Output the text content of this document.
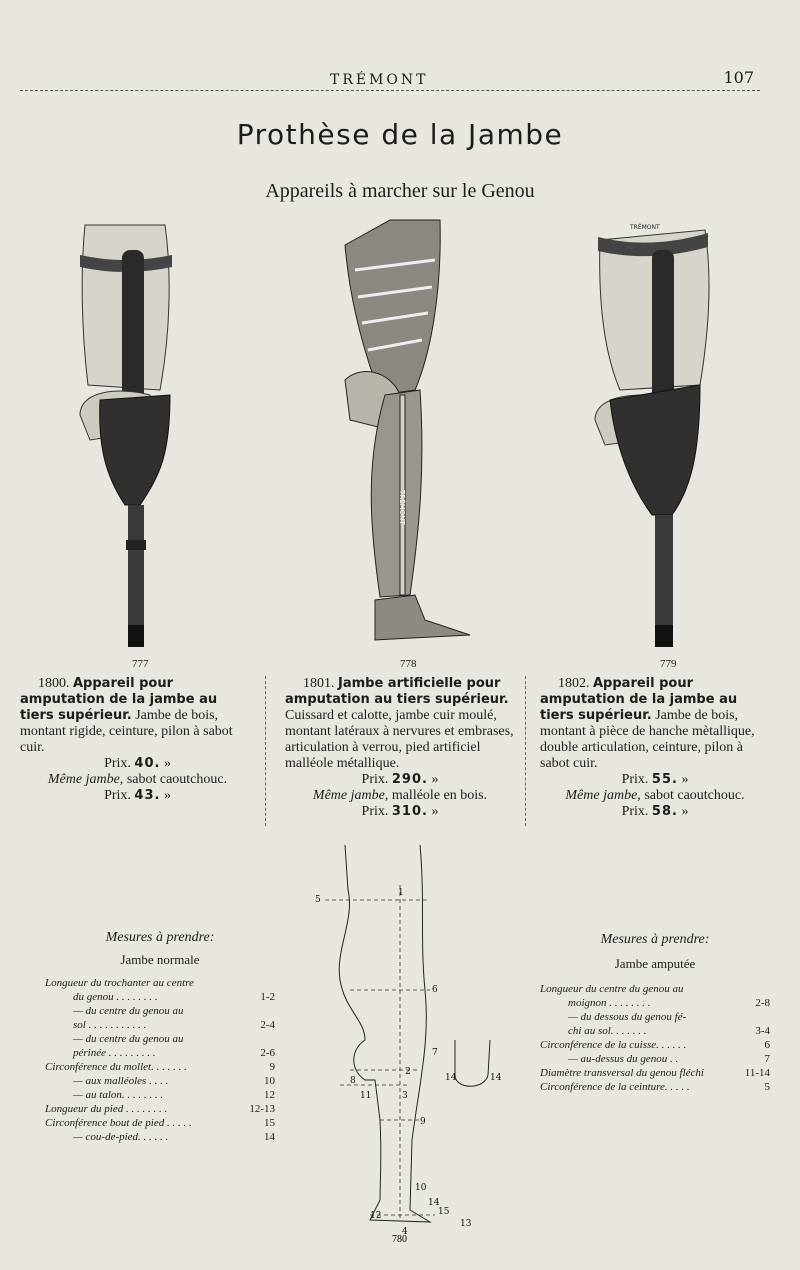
TRÉMONT	107
Prothèse de la Jambe
Appareils à marcher sur le Genou
777
TRÉMONT
778
TRÉMONT
779
1800. Appareil pour amputation de la jambe au tiers supérieur. Jambe de bois, montant rigide, ceinture, pilon à sabot cuir.
Prix. 40. »
Même jambe, sabot caoutchouc.
Prix. 43. »
1801. Jambe artificielle pour amputation au tiers supérieur. Cuissard et calotte, jambe cuir moulé, montant latéraux à nervures et embrases, articulation à verrou, pied artificiel malléole métallique.
Prix. 290. »
Même jambe, malléole en bois.
Prix. 310. »
1802. Appareil pour amputation de la jambe au tiers supérieur. Jambe de bois, montant à pièce de hanche mètallique, double articulation, ceinture, pilon à sabot cuir.
Prix. 55. »
Même jambe, sabot caoutchouc.
Prix. 58. »
Mesures à prendre:
Jambe normale
Longueur du trochanter au centre
du genou . . . . . . . .	1-2
— du centre du genou au
sol . . . . . . . . . . .	2-4
— du centre du genou au
périnée . . . . . . . . .	2-6
Circonférence du mollet. . . . . . .	9
— aux malléoles . . . .	10
— au talon. . . . . . . .	12
Longueur du pied . . . . . . . .	12-13
Circonférence bout de pied . . . . .	15
— cou-de-pied. . . . . .	14
Mesures à prendre:
Jambe amputée
Longueur du centre du genou au
moignon . . . . . . . .	2-8
— du dessous du genou fé-
chi au sol. . . . . . .	3-4
Circonférence de la cuisse. . . . . .	6
— au-dessus du genou . .	7
Diamètre transversal du genou fléchi	11-14
Circonférence de la ceinture. . . . .	5
5
1
6
7
8
2
11	3
9
14	14
10
14
15
12
13
4
780
